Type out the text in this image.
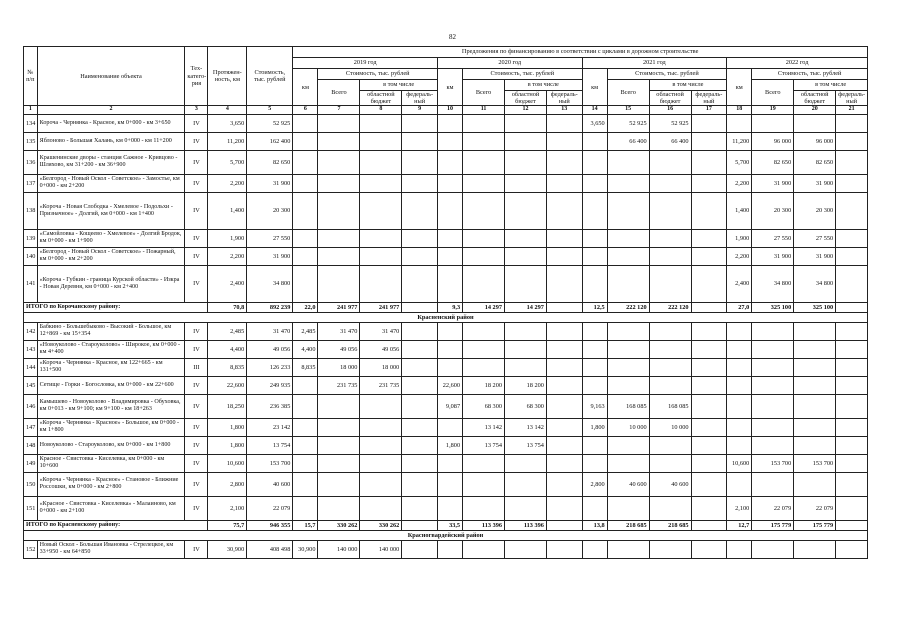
82
№ п/п	Наименование объекта	Тех-катего-рия	Протяжен-ность, км	Стоимость, тыс. рублей	Предложения по финансированию в соответствии с циклами в дорожном строительстве															
					2019 год				2020 год				2021 год				2022 год			
					км	Стоимость, тыс. рублей			км	Стоимость, тыс. рублей			км	Стоимость, тыс. рублей			км	Стоимость, тыс. рублей		
						Всего	в том числе			Всего	в том числе			Всего	в том числе			Всего	в том числе	
							областной бюджет	федераль-ный			областной бюджет	федераль-ный			областной бюджет	федераль-ный			областной бюджет	федераль-ный
1	2	3	4	5	6	7	8	9	10	11	12	13	14	15	16	17	18	19	20	21
134	Короча - Чернянка - Красное, км 0+000 - км 3+650	IV	3,650	52 925									3,650	52 925	52 925					
135	Яблоново - Большая Халань, км 0+000 - км 11+200	IV	11,200	162 400										66 400	66 400		11,200	96 000	96 000	
136	Крашенинские дворы - станция Сажное - Кривцово - Шляхово, км 31+200 - км 36+900	IV	5,700	82 650													5,700	82 650	82 650	
137	«Белгород - Новый Оскол - Советское» - Замостье, км 0+000 - км 2+200	IV	2,200	31 900													2,200	31 900	31 900	
138	«Короча - Новая Слободка - Хмелевое - Подольхи - Призначное» - Долгий, км 0+000 - км 1+400	IV	1,400	20 300													1,400	20 300	20 300	
139	«Самойловка - Кощеево - Хмелевое» - Долгий Бродок, км 0+000 - км 1+900	IV	1,900	27 550													1,900	27 550	27 550	
140	«Белгород - Новый Оскол - Советское» - Пожарный, км 0+000 - км 2+200	IV	2,200	31 900													2,200	31 900	31 900	
141	«Короча - Губкин - граница Курской области» - Изкра - Новая Деревня, км 0+000 - км 2+400	IV	2,400	34 800													2,400	34 800	34 800	
ИТОГО по Корочанскому району:			70,8	892 239	22,0	241 977	241 977		9,3	14 297	14 297		12,5	222 120	222 120		27,0	325 100	325 100	
Красненский район																				
142	Бабкино - Большебыково - Высокий - Большое, км 12+869 - км 15+354	IV	2,485	31 470	2,485	31 470	31 470													
143	«Новоуколово - Староуколово» - Широкое, км 0+000 - км 4+400	IV	4,400	49 056	4,400	49 056	49 056													
144	«Короча - Чернянка - Красное, км 122+665 - км 131+500	III	8,835	126 233	8,835	18 000	18 000													
145	Сетище - Горки - Богословка, км 0+000 - км 22+600	IV	22,600	249 935		231 735	231 735		22,600	18 200	18 200									
146	Камышево - Новоуколово - Владимировка - Обуховка, км 0+013 - км 9+100; км 9+100 - км 18+263	IV	18,250	236 385					9,087	68 300	68 300		9,163	168 085	168 085					
147	«Короча - Чернянка - Красное» - Большое, км 0+000 - км 1+800	IV	1,800	23 142						13 142	13 142		1,800	10 000	10 000					
148	Новоуколово - Староуколово, км 0+000 - км 1+800	IV	1,800	13 754					1,800	13 754	13 754									
149	Красное - Свистовка - Киселевка, км 0+000 - км 10+600	IV	10,600	153 700													10,600	153 700	153 700	
150	«Короча - Чернянка - Красное» - Становое - Ближние Россошки, км 0+000 - км 2+800	IV	2,800	40 600									2,800	40 600	40 600					
151	«Красное - Свистовка - Киселевка» - Малаиново, км 0+000 - км 2+100	IV	2,100	22 079													2,100	22 079	22 079	
ИТОГО по Красненскому району:			75,7	946 355	15,7	330 262	330 262		33,5	113 396	113 396		13,8	218 685	218 685		12,7	175 779	175 779	
Красногвардейский район																				
152	Новый Оскол - Большая Ивановка - Стрелецкое, км 33+950 - км 64+850	IV	30,900	408 498	30,900	140 000	140 000													
